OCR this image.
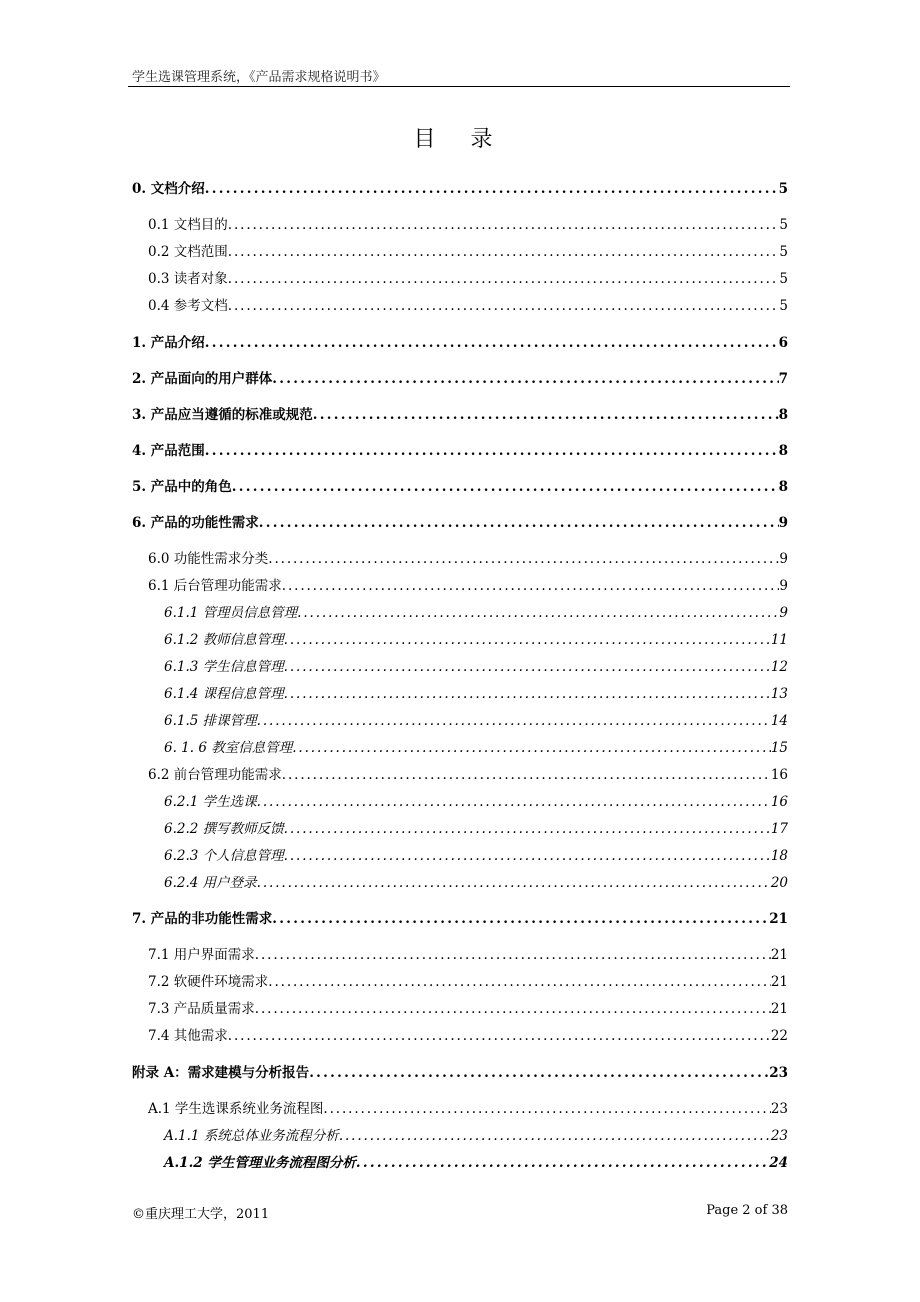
学生选课管理系统，《产品需求规格说明书》
目 录
0. 文档介绍 . . .	5
0.1 文档目的 . . .	5
0.2 文档范围 . . .	5
0.3 读者对象 . . .	5
0.4 参考文档 . . .	5
1. 产品介绍 . . .	6
2. 产品面向的用户群体 . . .	7
3. 产品应当遵循的标准或规范 . . .	8
4. 产品范围 . . .	8
5. 产品中的角色 . . .	8
6. 产品的功能性需求 . . .	9
6.0 功能性需求分类 . . .	9
6.1 后台管理功能需求 . . .	9
6.1.1 管理员信息管理 . . .	9
6.1.2 教师信息管理 . . .	11
6.1.3 学生信息管理 . . .	12
6.1.4 课程信息管理 . . .	13
6.1.5 排课管理 . . .	14
6. 1. 6 教室信息管理 . . .	15
6.2 前台管理功能需求 . . .	16
6.2.1 学生选课 . . .	16
6.2.2 撰写教师反馈 . . .	17
6.2.3 个人信息管理 . . .	18
6.2.4 用户登录 . . .	20
7. 产品的非功能性需求 . . .	21
7.1 用户界面需求 . . .	21
7.2 软硬件环境需求 . . .	21
7.3 产品质量需求 . . .	21
7.4 其他需求 . . .	22
附录 A：需求建模与分析报告 . . .	23
A.1 学生选课系统业务流程图 . . .	23
A.1.1 系统总体业务流程分析 . . .	23
A.1.2 学生管理业务流程图分析 . . .	24
©重庆理工大学，2011	Page 2 of 38
